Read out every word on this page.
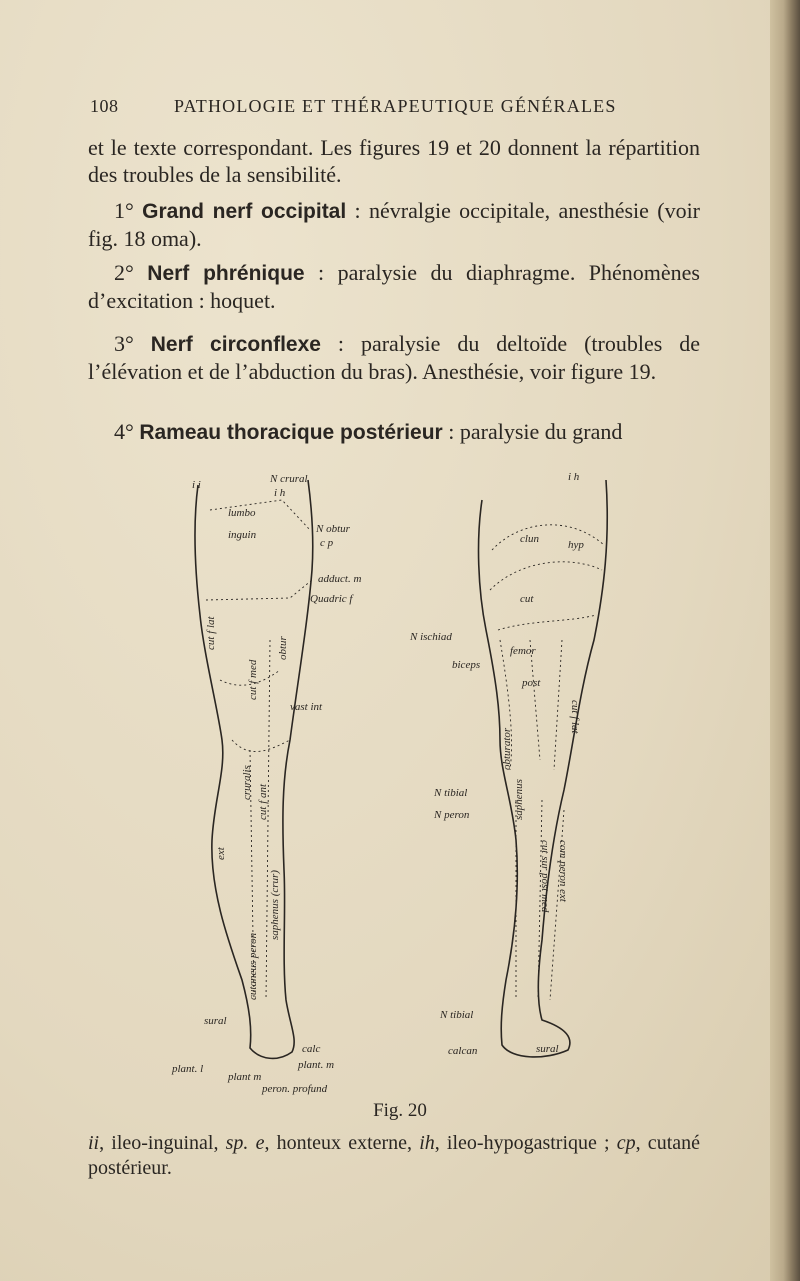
108	PATHOLOGIE ET THÉRAPEUTIQUE GÉNÉRALES
et le texte correspondant. Les figures 19 et 20 donnent la répartition des troubles de la sensibilité.
1° Grand nerf occipital : névralgie occipitale, anesthésie (voir fig. 18 oma).
2° Nerf phrénique : paralysie du diaphragme. Phénomènes d’excitation : hoquet.
3° Nerf circonflexe : paralysie du deltoïde (troubles de l’élévation et de l’abduction du bras). Anesthésie, voir figure 19.
4° Rameau thoracique postérieur : paralysie du grand
i i	N crural
i h
lumbo
inguin	N obtur
c p
adduct. m
Quadric f
cut f lat
cut f med
obtur
vast int
cruralis
cut f ant
saphenus (crur)
cutaneus peron
ext
sural
plant. l
calc
plant. m
plant m
peron. profund
i h
clun	hyp
cut
N ischiad
femor
biceps
post
cut f lat
obturator
saphenus
N tibial
N peron
cut sur post med com peron ext
N tibial
calcan	sural
Fig. 20
ii, ileo-inguinal, sp. e, honteux externe, ih, ileo-hypogastrique ; cp, cutané postérieur.
